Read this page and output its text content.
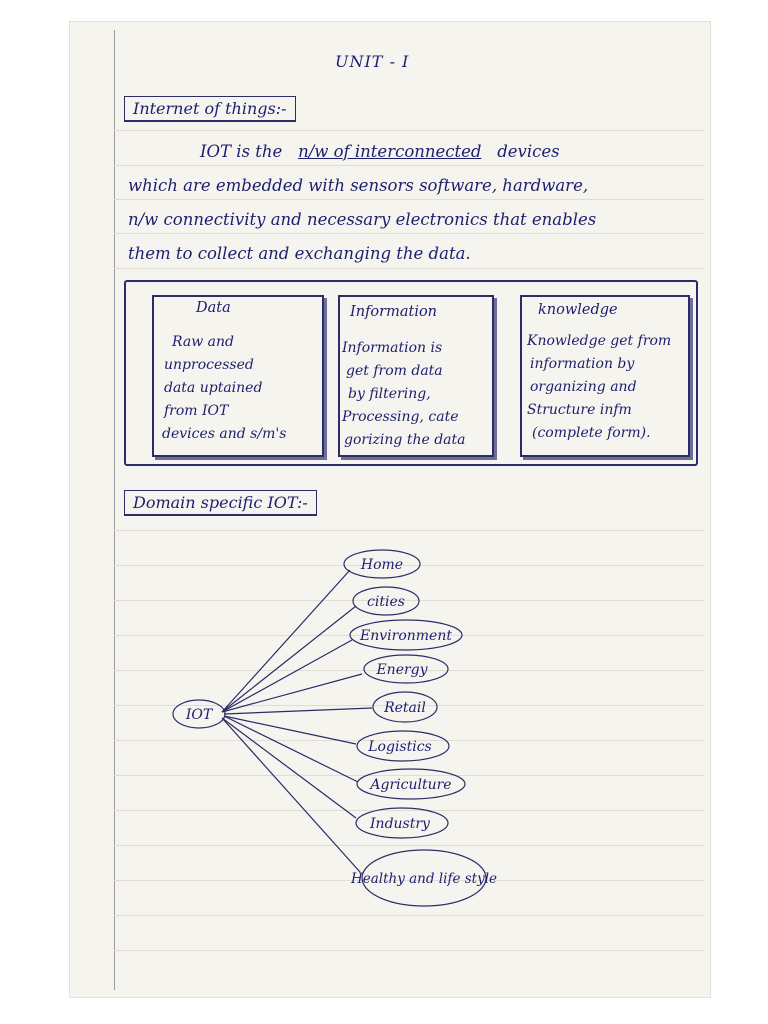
UNIT - I
Internet of things:-
IOT is the n/w of interconnected devices
which are embedded with sensors software, hardware,
n/w connectivity and necessary electronics that enables
them to collect and exchanging the data.
Data
Raw and
unprocessed
data uptained
from IOT
devices and s/m's
Information
Information is
get from data
by filtering,
Processing, cate
gorizing the data
knowledge
Knowledge get from
information by
organizing and
Structure infm
(complete form).
Domain specific IOT:-
IOT
Home
cities
Environment
Energy
Retail
Logistics
Agriculture
Industry
Healthy and life style
